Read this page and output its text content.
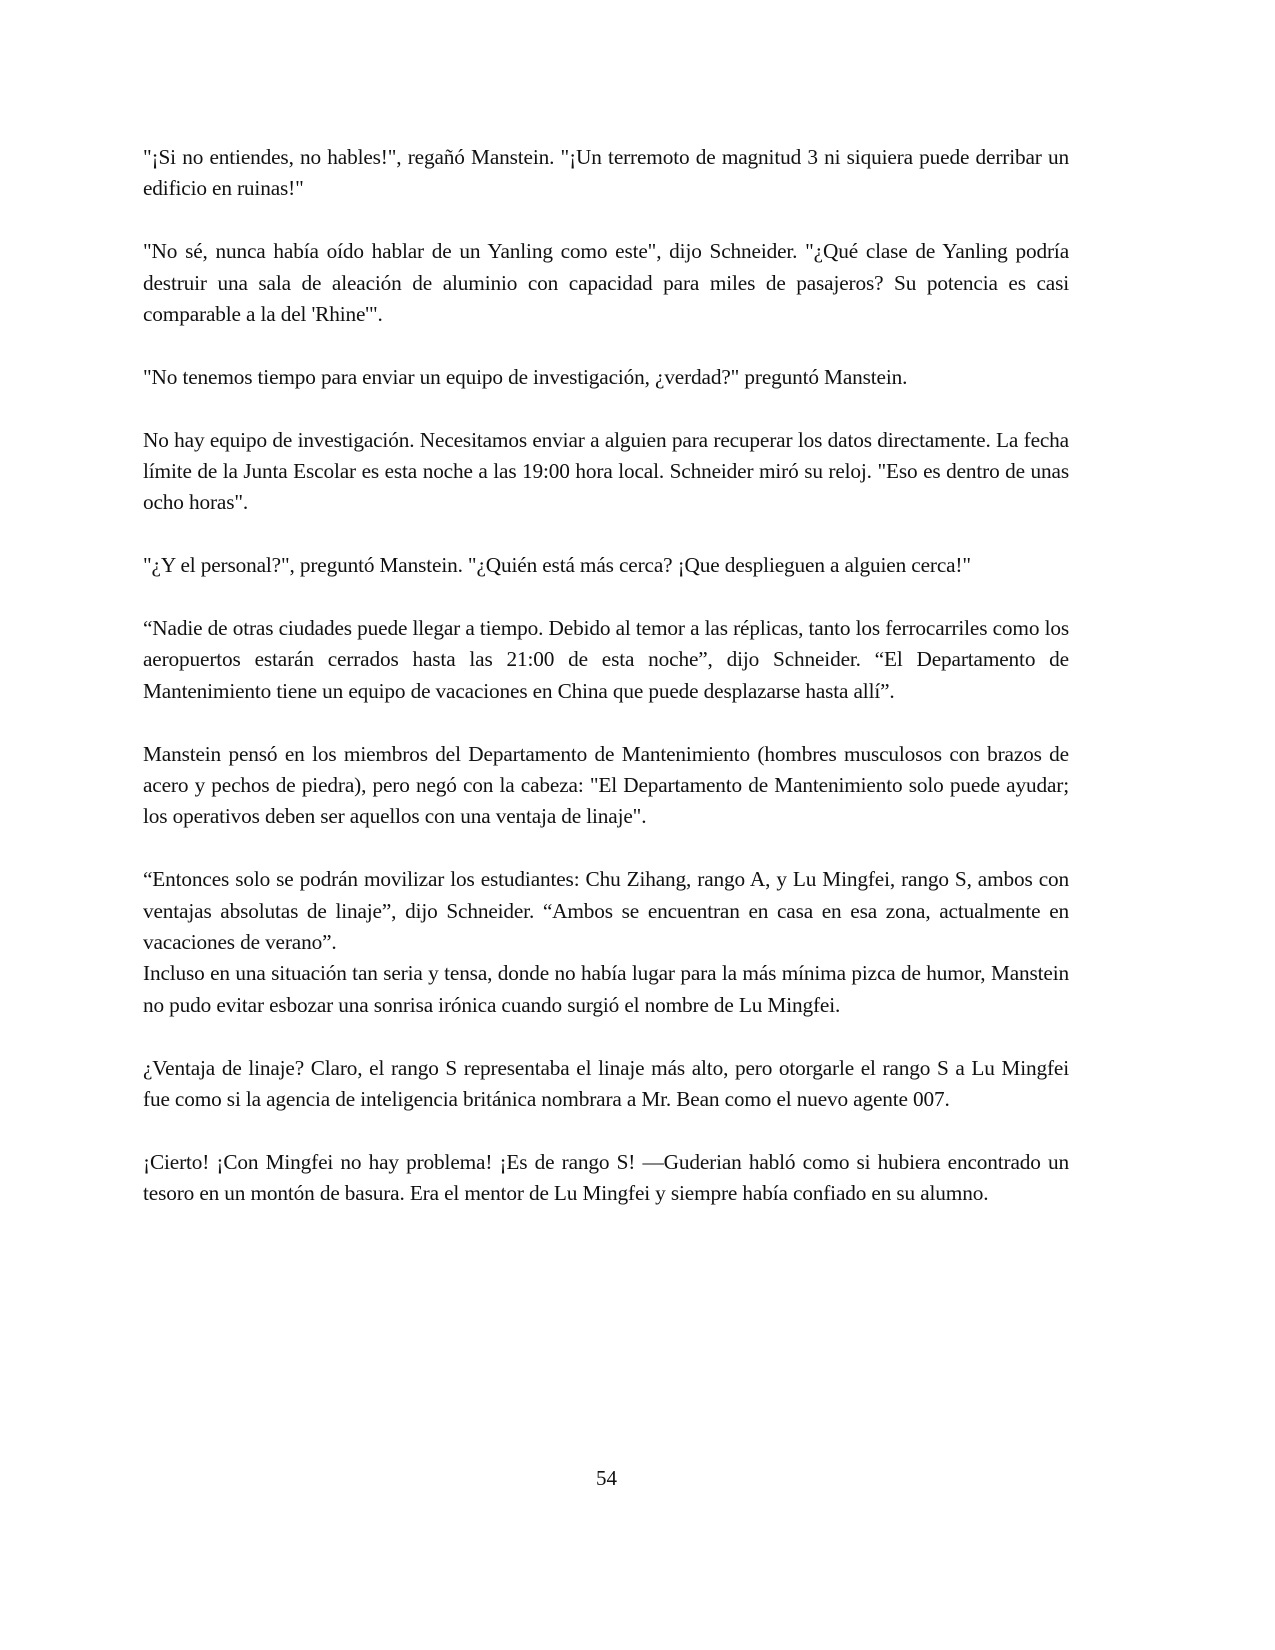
"¡Si no entiendes, no hables!", regañó Manstein. "¡Un terremoto de magnitud 3 ni siquiera puede derribar un edificio en ruinas!"

"No sé, nunca había oído hablar de un Yanling como este", dijo Schneider. "¿Qué clase de Yanling podría destruir una sala de aleación de aluminio con capacidad para miles de pasajeros? Su potencia es casi comparable a la del 'Rhine'".

"No tenemos tiempo para enviar un equipo de investigación, ¿verdad?" preguntó Manstein.

No hay equipo de investigación. Necesitamos enviar a alguien para recuperar los datos directamente. La fecha límite de la Junta Escolar es esta noche a las 19:00 hora local. Schneider miró su reloj. "Eso es dentro de unas ocho horas".

"¿Y el personal?", preguntó Manstein. "¿Quién está más cerca? ¡Que desplieguen a alguien cerca!"

“Nadie de otras ciudades puede llegar a tiempo. Debido al temor a las réplicas, tanto los ferrocarriles como los aeropuertos estarán cerrados hasta las 21:00 de esta noche”, dijo Schneider. “El Departamento de Mantenimiento tiene un equipo de vacaciones en China que puede desplazarse hasta allí”.

Manstein pensó en los miembros del Departamento de Mantenimiento (hombres musculosos con brazos de acero y pechos de piedra), pero negó con la cabeza: "El Departamento de Mantenimiento solo puede ayudar; los operativos deben ser aquellos con una ventaja de linaje".

“Entonces solo se podrán movilizar los estudiantes: Chu Zihang, rango A, y Lu Mingfei, rango S, ambos con ventajas absolutas de linaje”, dijo Schneider. “Ambos se encuentran en casa en esa zona, actualmente en vacaciones de verano”.

Incluso en una situación tan seria y tensa, donde no había lugar para la más mínima pizca de humor, Manstein no pudo evitar esbozar una sonrisa irónica cuando surgió el nombre de Lu Mingfei.

¿Ventaja de linaje? Claro, el rango S representaba el linaje más alto, pero otorgarle el rango S a Lu Mingfei fue como si la agencia de inteligencia británica nombrara a Mr. Bean como el nuevo agente 007.

¡Cierto! ¡Con Mingfei no hay problema! ¡Es de rango S! —Guderian habló como si hubiera encontrado un tesoro en un montón de basura. Era el mentor de Lu Mingfei y siempre había confiado en su alumno.

54
